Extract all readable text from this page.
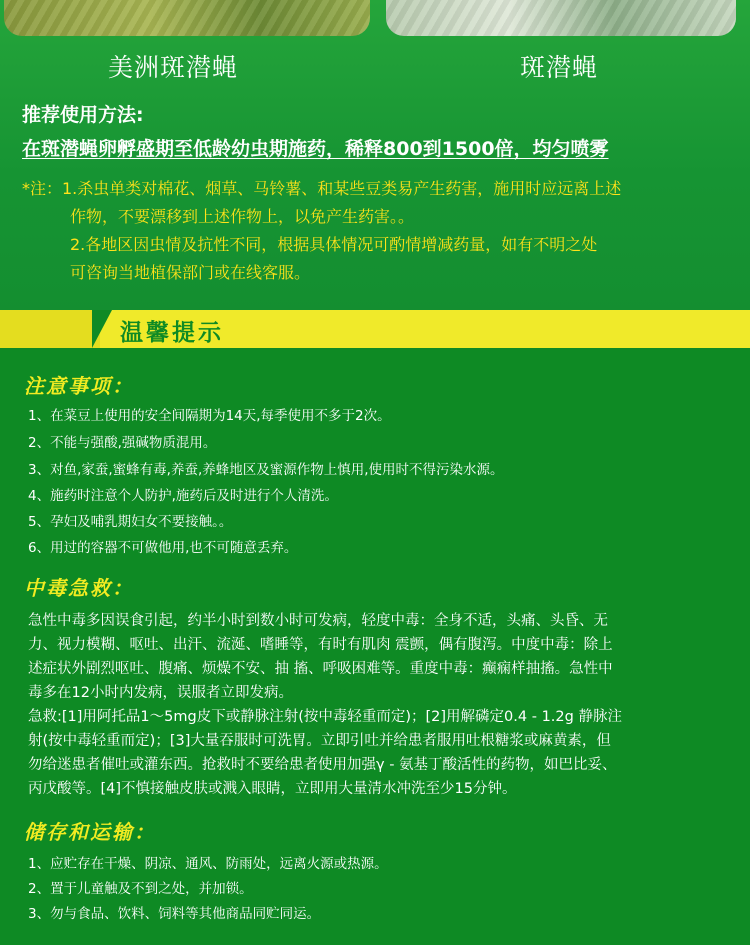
美洲斑潜蝇	斑潜蝇
推荐使用方法:
在斑潜蝇卵孵盛期至低龄幼虫期施药，稀释800到1500倍，均匀喷雾
*注：1.杀虫单类对棉花、烟草、马铃薯、和某些豆类易产生药害，施用时应远离上述
作物，不要漂移到上述作物上，以免产生药害。。
2.各地区因虫情及抗性不同，根据具体情况可酌情增减药量，如有不明之处
可咨询当地植保部门或在线客服。
温馨提示
注意事项：
1、在菜豆上使用的安全间隔期为14天,每季使用不多于2次。
2、不能与强酸,强碱物质混用。
3、对鱼,家蚕,蜜蜂有毒,养蚕,养蜂地区及蜜源作物上慎用,使用时不得污染水源。
4、施药时注意个人防护,施药后及时进行个人清洗。
5、孕妇及哺乳期妇女不要接触。。
6、用过的容器不可做他用,也不可随意丢弃。
中毒急救：
急性中毒多因误食引起，约半小时到数小时可发病，轻度中毒：全身不适，头痛、头昏、无
力、视力模糊、呕吐、出汗、流涎、嗜睡等，有时有肌肉 震颤，偶有腹泻。中度中毒：除上
述症状外剧烈呕吐、腹痛、烦燥不安、抽 搐、呼吸困难等。重度中毒：癫痫样抽搐。急性中
毒多在12小时内发病，误服者立即发病。
急救:[1]用阿托品1～5mg皮下或静脉注射(按中毒轻重而定)；[2]用解磷定0.4 - 1.2g 静脉注
射(按中毒轻重而定)；[3]大量吞服时可洗胃。立即引吐并给患者服用吐根糖浆或麻黄素，但
勿给迷患者催吐或灌东西。抢救时不要给患者使用加强γ - 氨基丁酸活性的药物，如巴比妥、
丙戊酸等。[4]不慎接触皮肤或溅入眼睛，立即用大量清水冲洗至少15分钟。
储存和运输：
1、应贮存在干燥、阴凉、通风、防雨处，远离火源或热源。
2、置于儿童触及不到之处，并加锁。
3、勿与食品、饮料、饲料等其他商品同贮同运。
